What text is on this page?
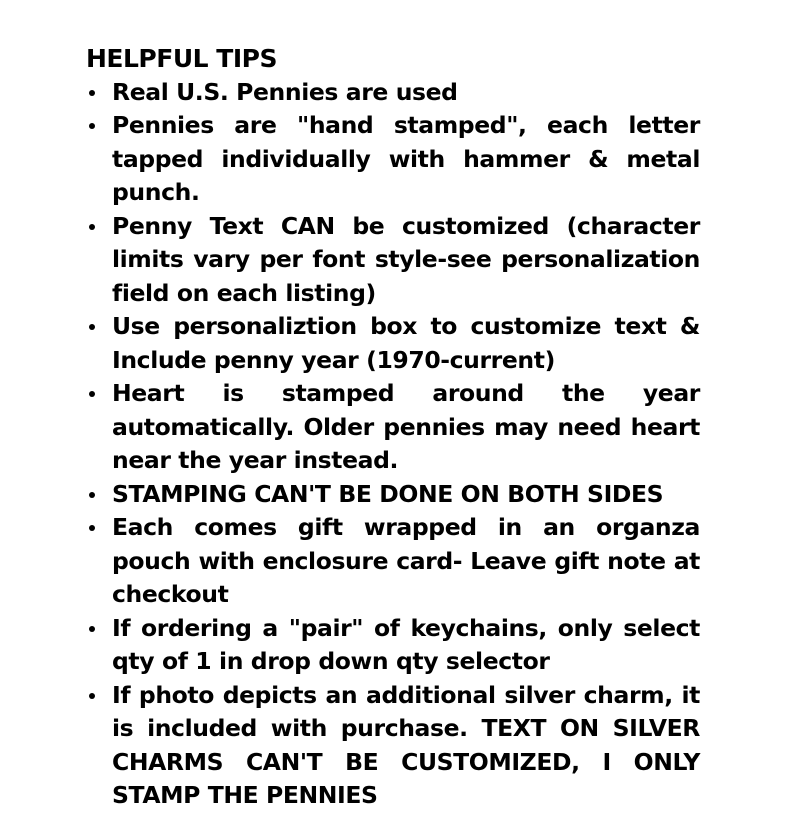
HELPFUL TIPS
Real U.S. Pennies are used
Pennies are "hand stamped", each letter tapped individually with hammer & metal punch.
Penny Text CAN be customized (character limits vary per font style-see personalization field on each listing)
Use personaliztion box to customize text & Include penny year (1970-current)
Heart is stamped around the year automatically. Older pennies may need heart near the year instead.
STAMPING CAN'T BE DONE ON BOTH SIDES
Each comes gift wrapped in an organza pouch with enclosure card- Leave gift note at checkout
If ordering a "pair" of keychains, only select qty of 1 in drop down qty selector
If photo depicts an additional silver charm, it is included with purchase. TEXT ON SILVER CHARMS CAN'T BE CUSTOMIZED, I ONLY STAMP THE PENNIES
